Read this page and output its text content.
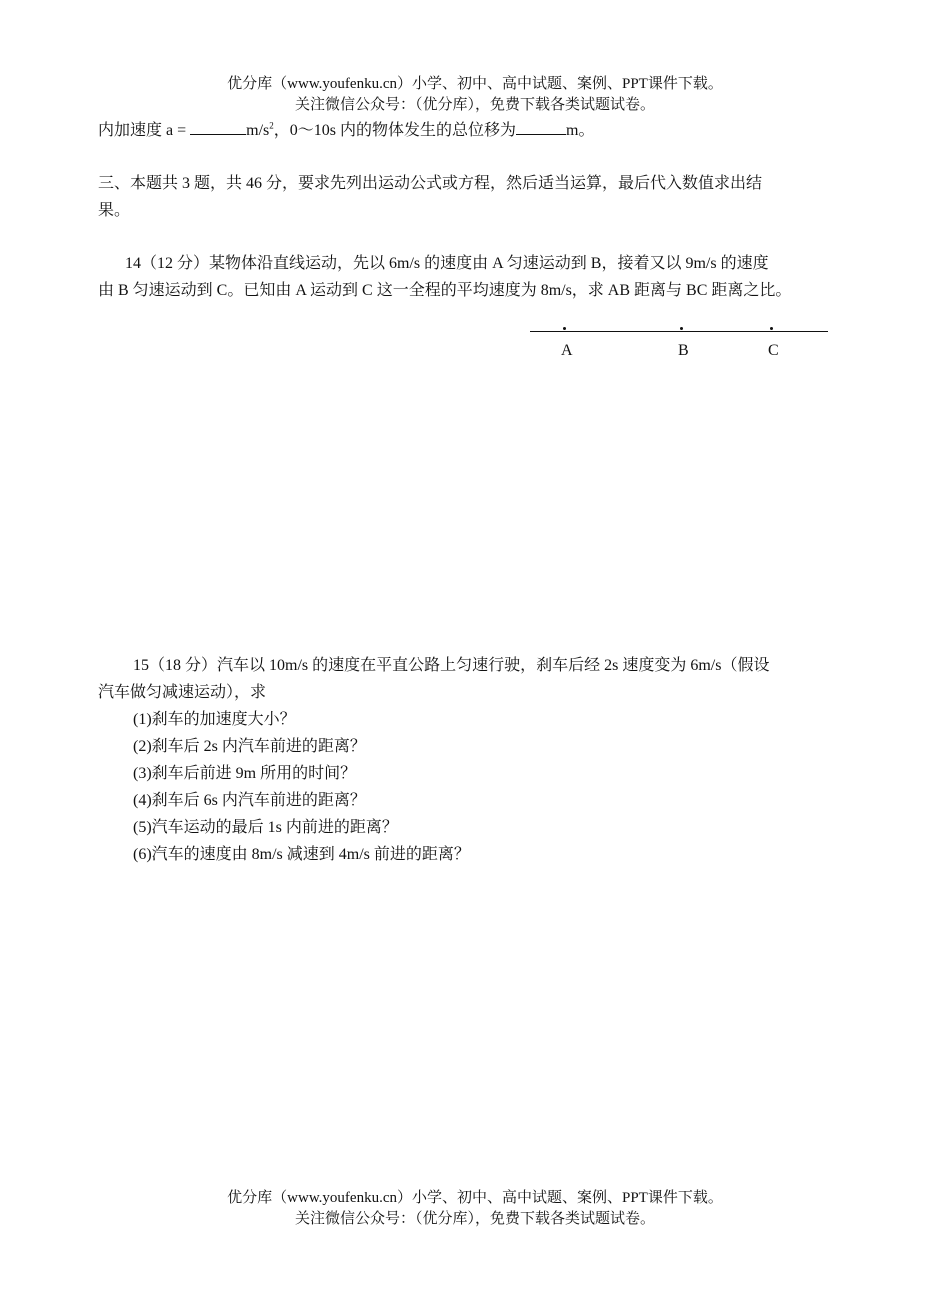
优分库（www.youfenku.cn）小学、初中、高中试题、案例、PPT课件下载。
关注微信公众号：（优分库），免费下载各类试题试卷。
内加速度 a =	$m/s^2$，0～10s 内的物体发生的总位移为	m。
三、本题共 3 题，共 46 分，要求先列出运动公式或方程，然后适当运算，最后代入数值求出结
果。
14（12 分）某物体沿直线运动，先以 6m/s 的速度由 A 匀速运动到 B，接着又以 9m/s 的速度
由 B 匀速运动到 C。已知由 A 运动到 C 这一全程的平均速度为 8m/s，求 AB 距离与 BC 距离之比。
A	B	C
15（18 分）汽车以 10m/s 的速度在平直公路上匀速行驶，刹车后经 2s 速度变为 6m/s（假设
汽车做匀减速运动），求
(1)刹车的加速度大小？
(2)刹车后 2s 内汽车前进的距离？
(3)刹车后前进 9m 所用的时间？
(4)刹车后 6s 内汽车前进的距离？
(5)汽车运动的最后 1s 内前进的距离？
(6)汽车的速度由 8m/s 减速到 4m/s 前进的距离？
优分库（www.youfenku.cn）小学、初中、高中试题、案例、PPT课件下载。
关注微信公众号：（优分库），免费下载各类试题试卷。
